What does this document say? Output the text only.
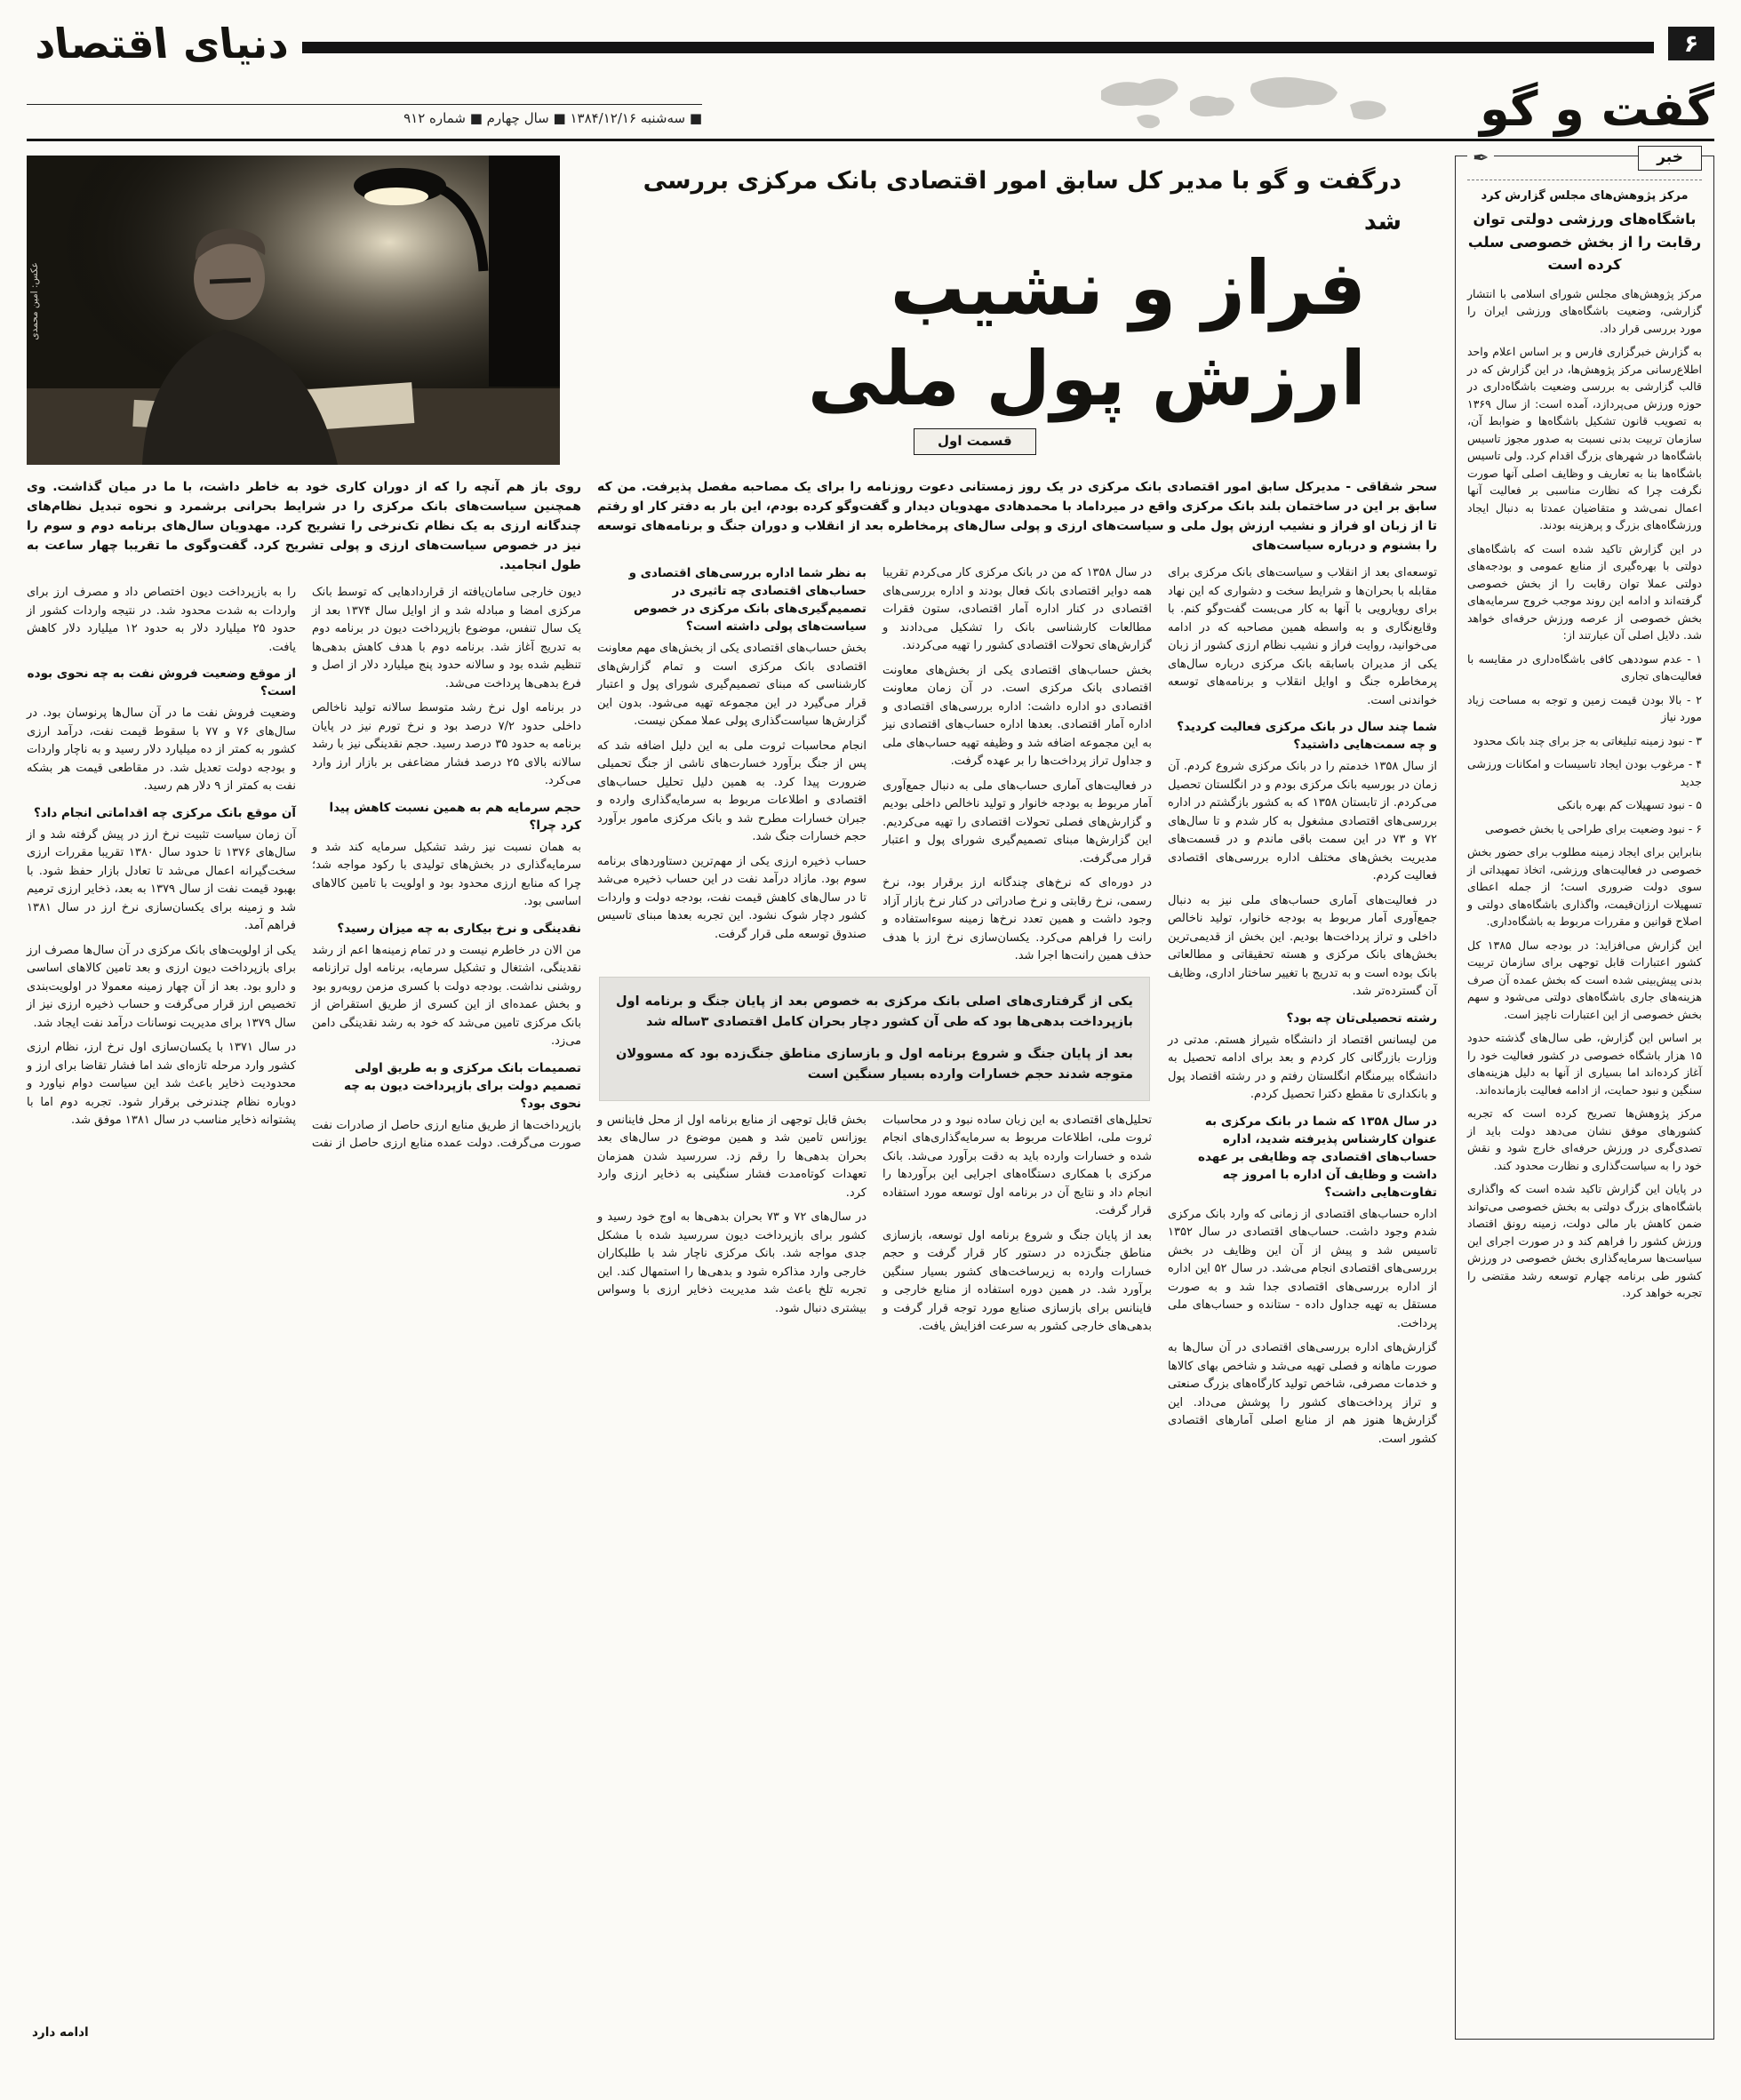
۶
دنیای اقتصاد
گفت و گو
■ سه‌شنبه ۱۳۸۴/۱۲/۱۶ ■ سال چهارم ■ شماره ۹۱۲
خبر
✒
مرکز پژوهش‌های مجلس گزارش کرد
باشگاه‌های ورزشی دولتی توان رقابت را از بخش خصوصی سلب کرده است

مرکز پژوهش‌های مجلس شورای اسلامی با انتشار گزارشی، وضعیت باشگاه‌های ورزشی ایران را مورد بررسی قرار داد.

به گزارش خبرگزاری فارس و بر اساس اعلام واحد اطلاع‌رسانی مرکز پژوهش‌ها، در این گزارش که در قالب گزارشی به بررسی وضعیت باشگاه‌داری در حوزه ورزش می‌پردازد، آمده است: از سال ۱۳۶۹ به تصویب قانون تشکیل باشگاه‌ها و ضوابط آن، سازمان تربیت بدنی نسبت به صدور مجوز تاسیس باشگاه‌ها در شهرهای بزرگ اقدام کرد. ولی تاسیس باشگاه‌ها بنا به تعاریف و وظایف اصلی آنها صورت نگرفت چرا که نظارت مناسبی بر فعالیت آنها اعمال نمی‌شد و متقاضیان عمدتا به دنبال ایجاد ورزشگاه‌های بزرگ و پرهزینه بودند.

در این گزارش تاکید شده است که باشگاه‌های دولتی با بهره‌گیری از منابع عمومی و بودجه‌های دولتی عملا توان رقابت را از بخش خصوصی گرفته‌اند و ادامه این روند موجب خروج سرمایه‌های بخش خصوصی از عرصه ورزش حرفه‌ای خواهد شد. دلایل اصلی آن عبارتند از:

۱ - عدم سوددهی کافی باشگاه‌داری در مقایسه با فعالیت‌های تجاری

۲ - بالا بودن قیمت زمین و توجه به مساحت زیاد مورد نیاز

۳ - نبود زمینه تبلیغاتی به جز برای چند بانک محدود

۴ - مرغوب بودن ایجاد تاسیسات و امکانات ورزشی جدید

۵ - نبود تسهیلات کم بهره بانکی

۶ - نبود وضعیت برای طراحی یا بخش خصوصی

بنابراین برای ایجاد زمینه مطلوب برای حضور بخش خصوصی در فعالیت‌های ورزشی، اتخاذ تمهیداتی از سوی دولت ضروری است؛ از جمله اعطای تسهیلات ارزان‌قیمت، واگذاری باشگاه‌های دولتی و اصلاح قوانین و مقررات مربوط به باشگاه‌داری.

این گزارش می‌افزاید: در بودجه سال ۱۳۸۵ کل کشور اعتبارات قابل توجهی برای سازمان تربیت بدنی پیش‌بینی شده است که بخش عمده آن صرف هزینه‌های جاری باشگاه‌های دولتی می‌شود و سهم بخش خصوصی از این اعتبارات ناچیز است.

بر اساس این گزارش، طی سال‌های گذشته حدود ۱۵ هزار باشگاه خصوصی در کشور فعالیت خود را آغاز کرده‌اند اما بسیاری از آنها به دلیل هزینه‌های سنگین و نبود حمایت، از ادامه فعالیت بازمانده‌اند.

مرکز پژوهش‌ها تصریح کرده است که تجربه کشورهای موفق نشان می‌دهد دولت باید از تصدی‌گری در ورزش حرفه‌ای خارج شود و نقش خود را به سیاست‌گذاری و نظارت محدود کند.

در پایان این گزارش تاکید شده است که واگذاری باشگاه‌های بزرگ دولتی به بخش خصوصی می‌تواند ضمن کاهش بار مالی دولت، زمینه رونق اقتصاد ورزش کشور را فراهم کند و در صورت اجرای این سیاست‌ها سرمایه‌گذاری بخش خصوصی در ورزش کشور طی برنامه چهارم توسعه رشد مقتضی را تجربه خواهد کرد.

درگفت و گو با مدیر کل سابق امور اقتصادی بانک مرکزی بررسی شد
فراز و نشیب
ارزش پول ملی
قسمت اول
عکس: امین محمدی

سحر شقاقی - مدیرکل سابق امور اقتصادی بانک مرکزی در یک روز زمستانی دعوت روزنامه را برای یک مصاحبه مفصل پذیرفت. من که سابق بر این در ساختمان بلند بانک مرکزی واقع در میرداماد با محمدهادی مهدویان دیدار و گفت‌وگو کرده بودم، این بار به دفتر کار او رفتم تا از زبان او فراز و نشیب ارزش پول ملی و سیاست‌های ارزی و پولی سال‌های پرمخاطره بعد از انقلاب و دوران جنگ و برنامه‌های توسعه را بشنوم و درباره سیاست‌های

توسعه‌ای بعد از انقلاب و سیاست‌های بانک مرکزی برای مقابله با بحران‌ها و شرایط سخت و دشواری که این نهاد برای رویارویی با آنها به کار می‌بست گفت‌وگو کنم. با وقایع‌نگاری و به واسطه همین مصاحبه که در ادامه می‌خوانید، روایت فراز و نشیب نظام ارزی کشور از زبان یکی از مدیران باسابقه بانک مرکزی درباره سال‌های پرمخاطره جنگ و اوایل انقلاب و برنامه‌های توسعه خواندنی است.

شما چند سال در بانک مرکزی فعالیت کردید؟ و چه سمت‌هایی داشتید؟

از سال ۱۳۵۸ خدمتم را در بانک مرکزی شروع کردم. آن زمان در بورسیه بانک مرکزی بودم و در انگلستان تحصیل می‌کردم. از تابستان ۱۳۵۸ که به کشور بازگشتم در اداره بررسی‌های اقتصادی مشغول به کار شدم و تا سال‌های ۷۲ و ۷۳ در این سمت باقی ماندم و در قسمت‌های مدیریت بخش‌های مختلف اداره بررسی‌های اقتصادی فعالیت کردم.

در فعالیت‌های آماری حساب‌های ملی نیز به دنبال جمع‌آوری آمار مربوط به بودجه خانوار، تولید ناخالص داخلی و تراز پرداخت‌ها بودیم. این بخش از قدیمی‌ترین بخش‌های بانک مرکزی و هسته تحقیقاتی و مطالعاتی بانک بوده است و به تدریج با تغییر ساختار اداری، وظایف آن گسترده‌تر شد.

رشته تحصیلی‌تان چه بود؟

من لیسانس اقتصاد از دانشگاه شیراز هستم. مدتی در وزارت بازرگانی کار کردم و بعد برای ادامه تحصیل به دانشگاه بیرمنگام انگلستان رفتم و در رشته اقتصاد پول و بانکداری تا مقطع دکترا تحصیل کردم.

در سال ۱۳۵۸ که شما در بانک مرکزی به عنوان کارشناس پذیرفته شدید، اداره حساب‌های اقتصادی چه وظایفی بر عهده داشت و وظایف آن اداره با امروز چه تفاوت‌هایی داشت؟

اداره حساب‌های اقتصادی از زمانی که وارد بانک مرکزی شدم وجود داشت. حساب‌های اقتصادی در سال ۱۳۵۲ تاسیس شد و پیش از آن این وظایف در بخش بررسی‌های اقتصادی انجام می‌شد. در سال ۵۲ این اداره از اداره بررسی‌های اقتصادی جدا شد و به صورت مستقل به تهیه جداول داده - ستانده و حساب‌های ملی پرداخت.

گزارش‌های اداره بررسی‌های اقتصادی در آن سال‌ها به صورت ماهانه و فصلی تهیه می‌شد و شاخص بهای کالاها و خدمات مصرفی، شاخص تولید کارگاه‌های بزرگ صنعتی و تراز پرداخت‌های کشور را پوشش می‌داد. این گزارش‌ها هنوز هم از منابع اصلی آمارهای اقتصادی کشور است.

در سال ۱۳۵۸ که من در بانک مرکزی کار می‌کردم تقریبا همه دوایر اقتصادی بانک فعال بودند و اداره بررسی‌های اقتصادی در کنار اداره آمار اقتصادی، ستون فقرات مطالعات کارشناسی بانک را تشکیل می‌دادند و گزارش‌های تحولات اقتصادی کشور را تهیه می‌کردند.

بخش حساب‌های اقتصادی یکی از بخش‌های معاونت اقتصادی بانک مرکزی است. در آن زمان معاونت اقتصادی دو اداره داشت: اداره بررسی‌های اقتصادی و اداره آمار اقتصادی. بعدها اداره حساب‌های اقتصادی نیز به این مجموعه اضافه شد و وظیفه تهیه حساب‌های ملی و جداول تراز پرداخت‌ها را بر عهده گرفت.

در فعالیت‌های آماری حساب‌های ملی به دنبال جمع‌آوری آمار مربوط به بودجه خانوار و تولید ناخالص داخلی بودیم و گزارش‌های فصلی تحولات اقتصادی را تهیه می‌کردیم. این گزارش‌ها مبنای تصمیم‌گیری شورای پول و اعتبار قرار می‌گرفت.

در دوره‌ای که نرخ‌های چندگانه ارز برقرار بود، نرخ رسمی، نرخ رقابتی و نرخ صادراتی در کنار نرخ بازار آزاد وجود داشت و همین تعدد نرخ‌ها زمینه سوءاستفاده و رانت را فراهم می‌کرد. یکسان‌سازی نرخ ارز با هدف حذف همین رانت‌ها اجرا شد.

به نظر شما اداره بررسی‌های اقتصادی و حساب‌های اقتصادی چه تاثیری در تصمیم‌گیری‌های بانک مرکزی در خصوص سیاست‌های پولی داشته است؟

بخش حساب‌های اقتصادی یکی از بخش‌های مهم معاونت اقتصادی بانک مرکزی است و تمام گزارش‌های کارشناسی که مبنای تصمیم‌گیری شورای پول و اعتبار قرار می‌گیرد در این مجموعه تهیه می‌شود. بدون این گزارش‌ها سیاست‌گذاری پولی عملا ممکن نیست.

انجام محاسبات ثروت ملی به این دلیل اضافه شد که پس از جنگ برآورد خسارت‌های ناشی از جنگ تحمیلی ضرورت پیدا کرد. به همین دلیل تحلیل حساب‌های اقتصادی و اطلاعات مربوط به سرمایه‌گذاری وارده و جبران خسارات مطرح شد و بانک مرکزی مامور برآورد حجم خسارات جنگ شد.

حساب ذخیره ارزی یکی از مهم‌ترین دستاوردهای برنامه سوم بود. مازاد درآمد نفت در این حساب ذخیره می‌شد تا در سال‌های کاهش قیمت نفت، بودجه دولت و واردات کشور دچار شوک نشود. این تجربه بعدها مبنای تاسیس صندوق توسعه ملی قرار گرفت.

یکی از گرفتاری‌های اصلی بانک مرکزی به خصوص بعد از پایان جنگ و برنامه اول بازپرداخت بدهی‌ها بود که طی آن کشور دچار بحران کامل اقتصادی ۳ساله شد

بعد از پایان جنگ و شروع برنامه اول و بازسازی مناطق جنگ‌زده بود که مسوولان متوجه شدند حجم خسارات وارده بسیار سنگین است

تحلیل‌های اقتصادی به این زبان ساده نبود و در محاسبات ثروت ملی، اطلاعات مربوط به سرمایه‌گذاری‌های انجام شده و خسارات وارده باید به دقت برآورد می‌شد. بانک مرکزی با همکاری دستگاه‌های اجرایی این برآوردها را انجام داد و نتایج آن در برنامه اول توسعه مورد استفاده قرار گرفت.

بعد از پایان جنگ و شروع برنامه اول توسعه، بازسازی مناطق جنگ‌زده در دستور کار قرار گرفت و حجم خسارات وارده به زیرساخت‌های کشور بسیار سنگین برآورد شد. در همین دوره استفاده از منابع خارجی و فاینانس برای بازسازی صنایع مورد توجه قرار گرفت و بدهی‌های خارجی کشور به سرعت افزایش یافت.

بخش قابل توجهی از منابع برنامه اول از محل فاینانس و یوزانس تامین شد و همین موضوع در سال‌های بعد بحران بدهی‌ها را رقم زد. سررسید شدن همزمان تعهدات کوتاه‌مدت فشار سنگینی به ذخایر ارزی وارد کرد.

در سال‌های ۷۲ و ۷۳ بحران بدهی‌ها به اوج خود رسید و کشور برای بازپرداخت دیون سررسید شده با مشکل جدی مواجه شد. بانک مرکزی ناچار شد با طلبکاران خارجی وارد مذاکره شود و بدهی‌ها را استمهال کند. این تجربه تلخ باعث شد مدیریت ذخایر ارزی با وسواس بیشتری دنبال شود.

روی باز هم آنچه را که از دوران کاری خود به خاطر داشت، با ما در میان گذاشت. وی همچنین سیاست‌های بانک مرکزی را در شرایط بحرانی برشمرد و نحوه تبدیل نظام‌های چندگانه ارزی به یک نظام تک‌نرخی را تشریح کرد. مهدویان سال‌های برنامه دوم و سوم را نیز در خصوص سیاست‌های ارزی و پولی تشریح کرد. گفت‌وگوی ما تقریبا چهار ساعت به طول انجامید.

دیون خارجی سامان‌یافته از قراردادهایی که توسط بانک مرکزی امضا و مبادله شد و از اوایل سال ۱۳۷۴ بعد از یک سال تنفس، موضوع بازپرداخت دیون در برنامه دوم به تدریج آغاز شد. برنامه دوم با هدف کاهش بدهی‌ها تنظیم شده بود و سالانه حدود پنج میلیارد دلار از اصل و فرع بدهی‌ها پرداخت می‌شد.

در برنامه اول نرخ رشد متوسط سالانه تولید ناخالص داخلی حدود ۷/۲ درصد بود و نرخ تورم نیز در پایان برنامه به حدود ۳۵ درصد رسید. حجم نقدینگی نیز با رشد سالانه بالای ۲۵ درصد فشار مضاعفی بر بازار ارز وارد می‌کرد.

حجم سرمایه هم به همین نسبت کاهش پیدا کرد چرا؟

به همان نسبت نیز رشد تشکیل سرمایه کند شد و سرمایه‌گذاری در بخش‌های تولیدی با رکود مواجه شد؛ چرا که منابع ارزی محدود بود و اولویت با تامین کالاهای اساسی بود.

نقدینگی و نرخ بیکاری به چه میزان رسید؟

من الان در خاطرم نیست و در تمام زمینه‌ها اعم از رشد نقدینگی، اشتغال و تشکیل سرمایه، برنامه اول ترازنامه روشنی نداشت. بودجه دولت با کسری مزمن روبه‌رو بود و بخش عمده‌ای از این کسری از طریق استقراض از بانک مرکزی تامین می‌شد که خود به رشد نقدینگی دامن می‌زد.

تصمیمات بانک مرکزی و به طریق اولی تصمیم دولت برای بازپرداخت دیون به چه نحوی بود؟

بازپرداخت‌ها از طریق منابع ارزی حاصل از صادرات نفت صورت می‌گرفت. دولت عمده منابع ارزی حاصل از نفت را به بازپرداخت دیون اختصاص داد و مصرف ارز برای واردات به شدت محدود شد. در نتیجه واردات کشور از حدود ۲۵ میلیارد دلار به حدود ۱۲ میلیارد دلار کاهش یافت.

از موقع وضعیت فروش نفت به چه نحوی بوده است؟

وضعیت فروش نفت ما در آن سال‌ها پرنوسان بود. در سال‌های ۷۶ و ۷۷ با سقوط قیمت نفت، درآمد ارزی کشور به کمتر از ده میلیارد دلار رسید و به ناچار واردات و بودجه دولت تعدیل شد. در مقاطعی قیمت هر بشکه نفت به کمتر از ۹ دلار هم رسید.

آن موقع بانک مرکزی چه اقداماتی انجام داد؟

آن زمان سیاست تثبیت نرخ ارز در پیش گرفته شد و از سال‌های ۱۳۷۶ تا حدود سال ۱۳۸۰ تقریبا مقررات ارزی سخت‌گیرانه اعمال می‌شد تا تعادل بازار حفظ شود. با بهبود قیمت نفت از سال ۱۳۷۹ به بعد، ذخایر ارزی ترمیم شد و زمینه برای یکسان‌سازی نرخ ارز در سال ۱۳۸۱ فراهم آمد.

یکی از اولویت‌های بانک مرکزی در آن سال‌ها مصرف ارز برای بازپرداخت دیون ارزی و بعد تامین کالاهای اساسی و دارو بود. بعد از آن چهار زمینه معمولا در اولویت‌بندی تخصیص ارز قرار می‌گرفت و حساب ذخیره ارزی نیز از سال ۱۳۷۹ برای مدیریت نوسانات درآمد نفت ایجاد شد.

در سال ۱۳۷۱ با یکسان‌سازی اول نرخ ارز، نظام ارزی کشور وارد مرحله تازه‌ای شد اما فشار تقاضا برای ارز و محدودیت ذخایر باعث شد این سیاست دوام نیاورد و دوباره نظام چندنرخی برقرار شود. تجربه دوم اما با پشتوانه ذخایر مناسب در سال ۱۳۸۱ موفق شد.

ادامه دارد
